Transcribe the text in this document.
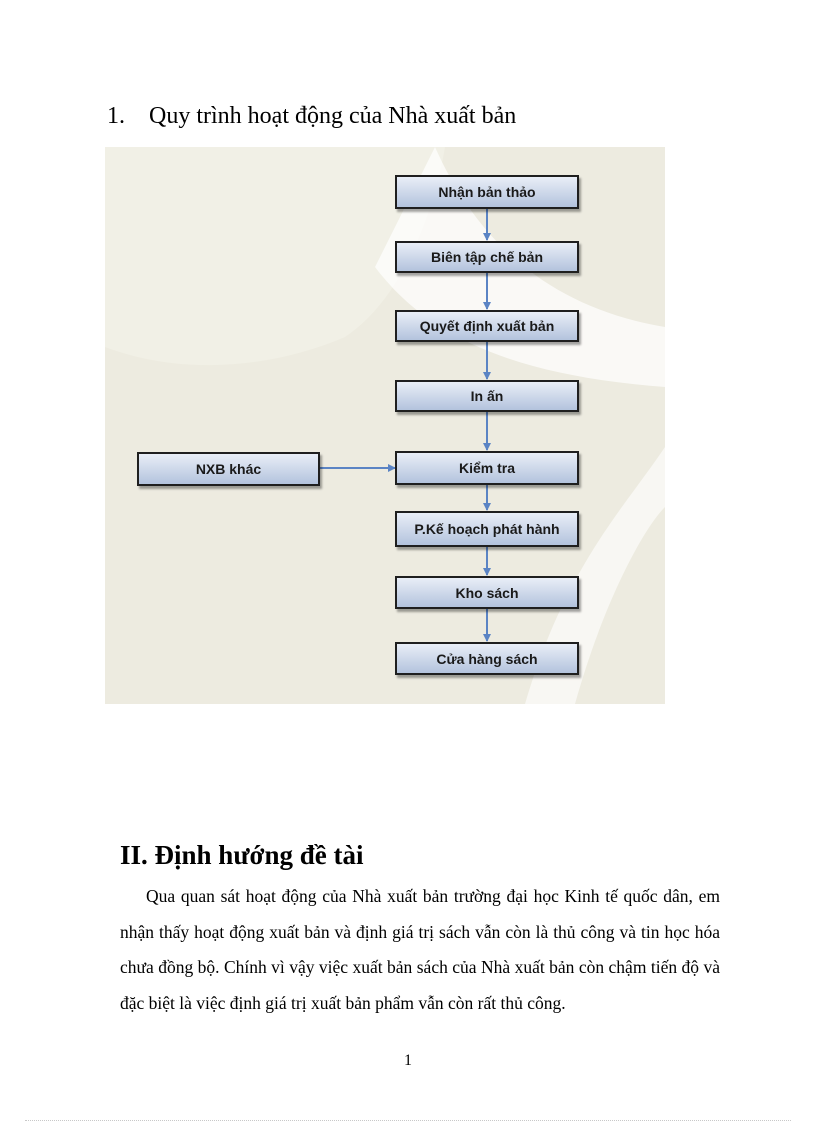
1. Quy trình hoạt động của Nhà xuất bản
Nhận bản thảo
Biên tập chế bản
Quyết định xuất bản
In ấn
Kiểm tra
P.Kế hoạch phát hành
Kho sách
Cửa hàng sách
NXB khác
II. Định hướng đề tài

Qua quan sát hoạt động của Nhà xuất bản trường đại học Kinh tế quốc dân, em nhận thấy hoạt động xuất bản và định giá trị sách vẫn còn là thủ công và tin học hóa chưa đồng bộ. Chính vì vậy việc xuất bản sách của Nhà xuất bản còn chậm tiến độ và đặc biệt là việc định giá trị xuất bản phẩm vẫn còn rất thủ công.

1
